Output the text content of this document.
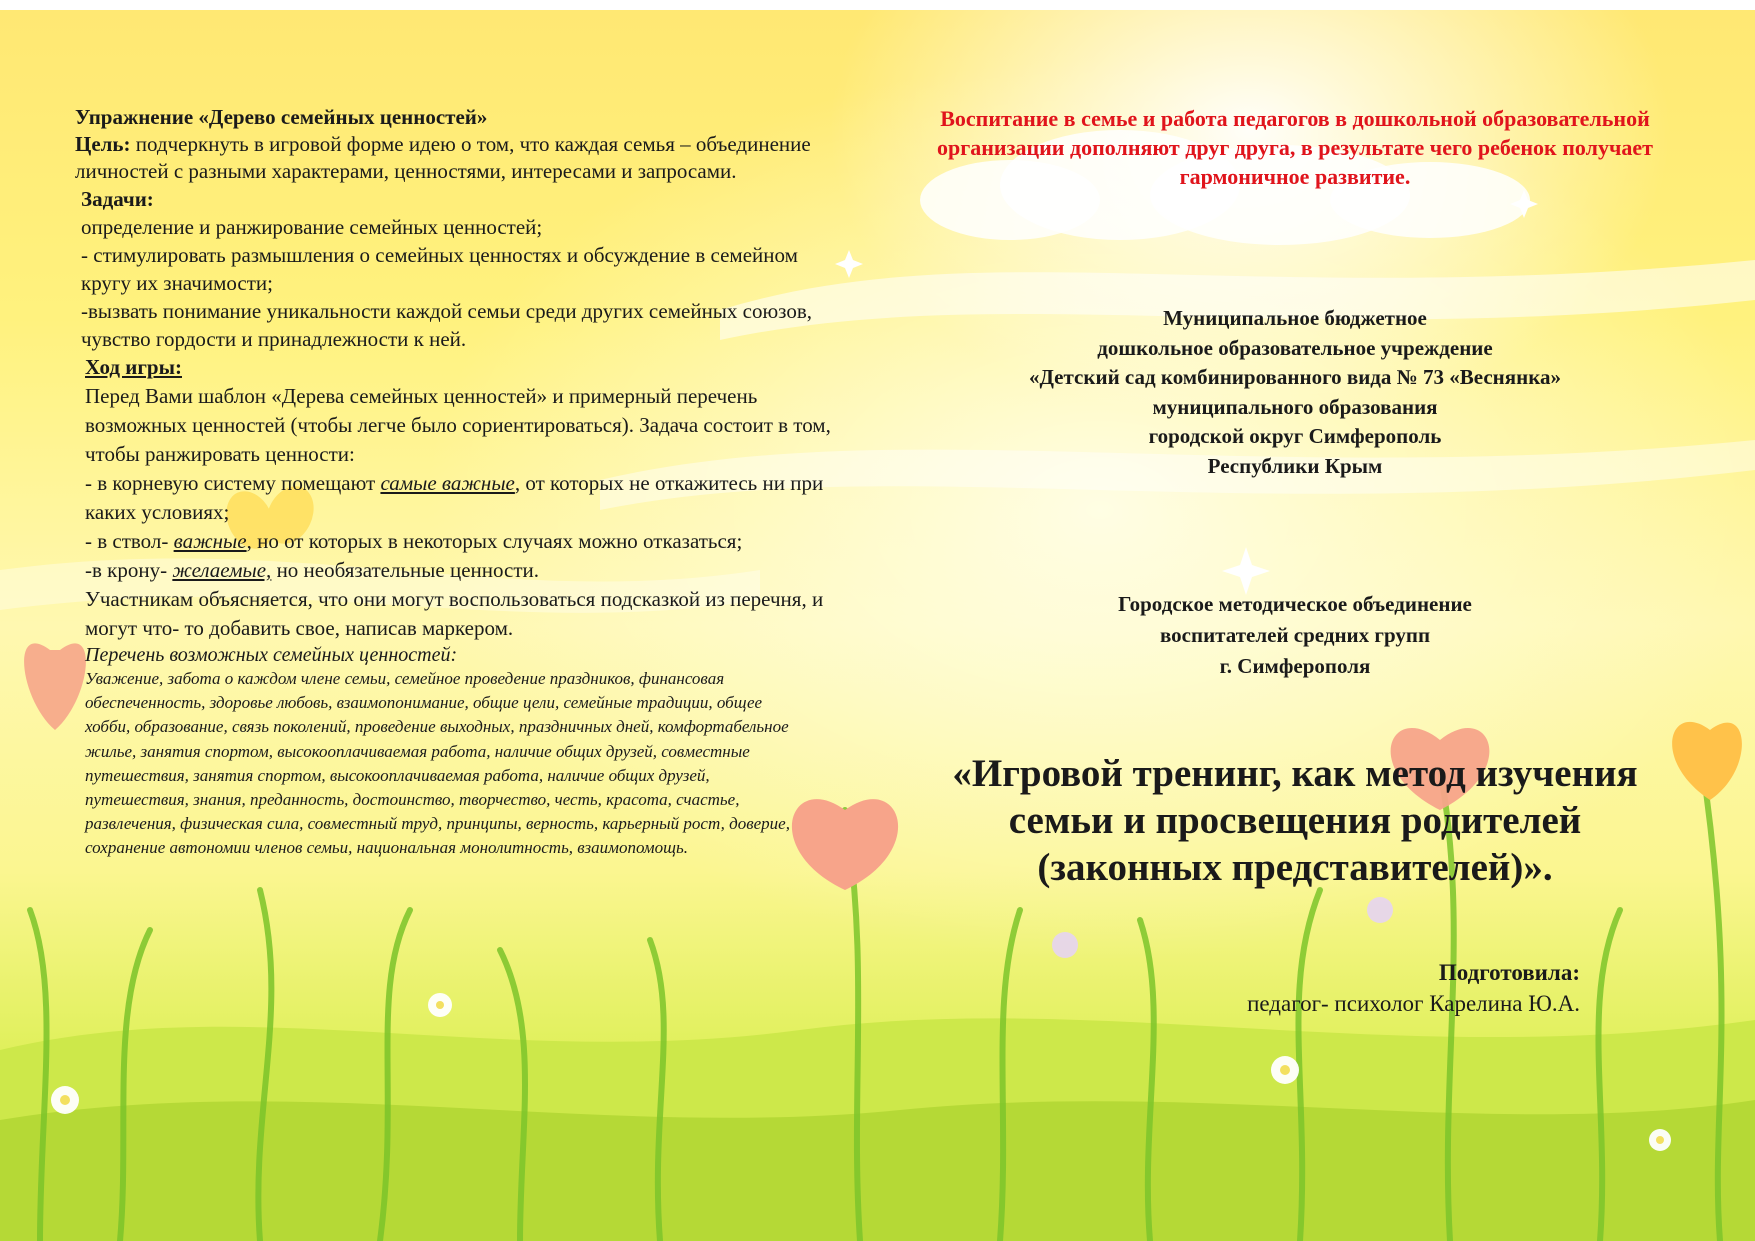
Упражнение «Дерево семейных ценностей»

Цель: подчеркнуть в игровой форме идею о том, что каждая семья – объединение личностей с разными характерами, ценностями, интересами и запросами.

Задачи:

определение и ранжирование семейных ценностей;

- стимулировать размышления о семейных ценностях и обсуждение в семейном кругу их значимости;

-вызвать понимание уникальности каждой семьи среди других семейных союзов, чувство гордости и принадлежности к ней.

Ход игры:

Перед Вами шаблон «Дерева семейных ценностей» и примерный перечень возможных ценностей (чтобы легче было сориентироваться). Задача состоит в том, чтобы ранжировать ценности:

- в корневую систему помещают самые важные, от которых не откажитесь ни при каких условиях;

- в ствол- важные, но от которых в некоторых случаях можно отказаться;

-в крону- желаемые, но необязательные ценности.

Участникам объясняется, что они могут воспользоваться подсказкой из перечня, и могут что- то добавить свое, написав маркером.

Перечень возможных семейных ценностей:

Уважение, забота о каждом члене семьи, семейное проведение праздников, финансовая обеспеченность, здоровье любовь, взаимопонимание, общие цели, семейные традиции, общее хобби, образование, связь поколений, проведение выходных, праздничных дней, комфортабельное жилье, занятия спортом, высокооплачиваемая работа, наличие общих друзей, совместные путешествия, занятия спортом, высокооплачиваемая работа, наличие общих друзей, путешествия, знания, преданность, достоинство, творчество, честь, красота, счастье, развлечения, физическая сила, совместный труд, принципы, верность, карьерный рост, доверие, сохранение автономии членов семьи, национальная монолитность, взаимопомощь.

Воспитание в семье и работа педагогов в дошкольной образовательной организации дополняют друг друга, в результате чего ребенок получает гармоничное развитие.

Муниципальное бюджетное
дошкольное образовательное учреждение
«Детский сад комбинированного вида № 73 «Веснянка»
муниципального образования
городской округ Симферополь
Республики Крым
Городское методическое объединение
воспитателей средних групп
г. Симферополя
«Игровой тренинг, как метод изучения
семьи и просвещения родителей
(законных представителей)».
Подготовила:
педагог- психолог Карелина Ю.А.
